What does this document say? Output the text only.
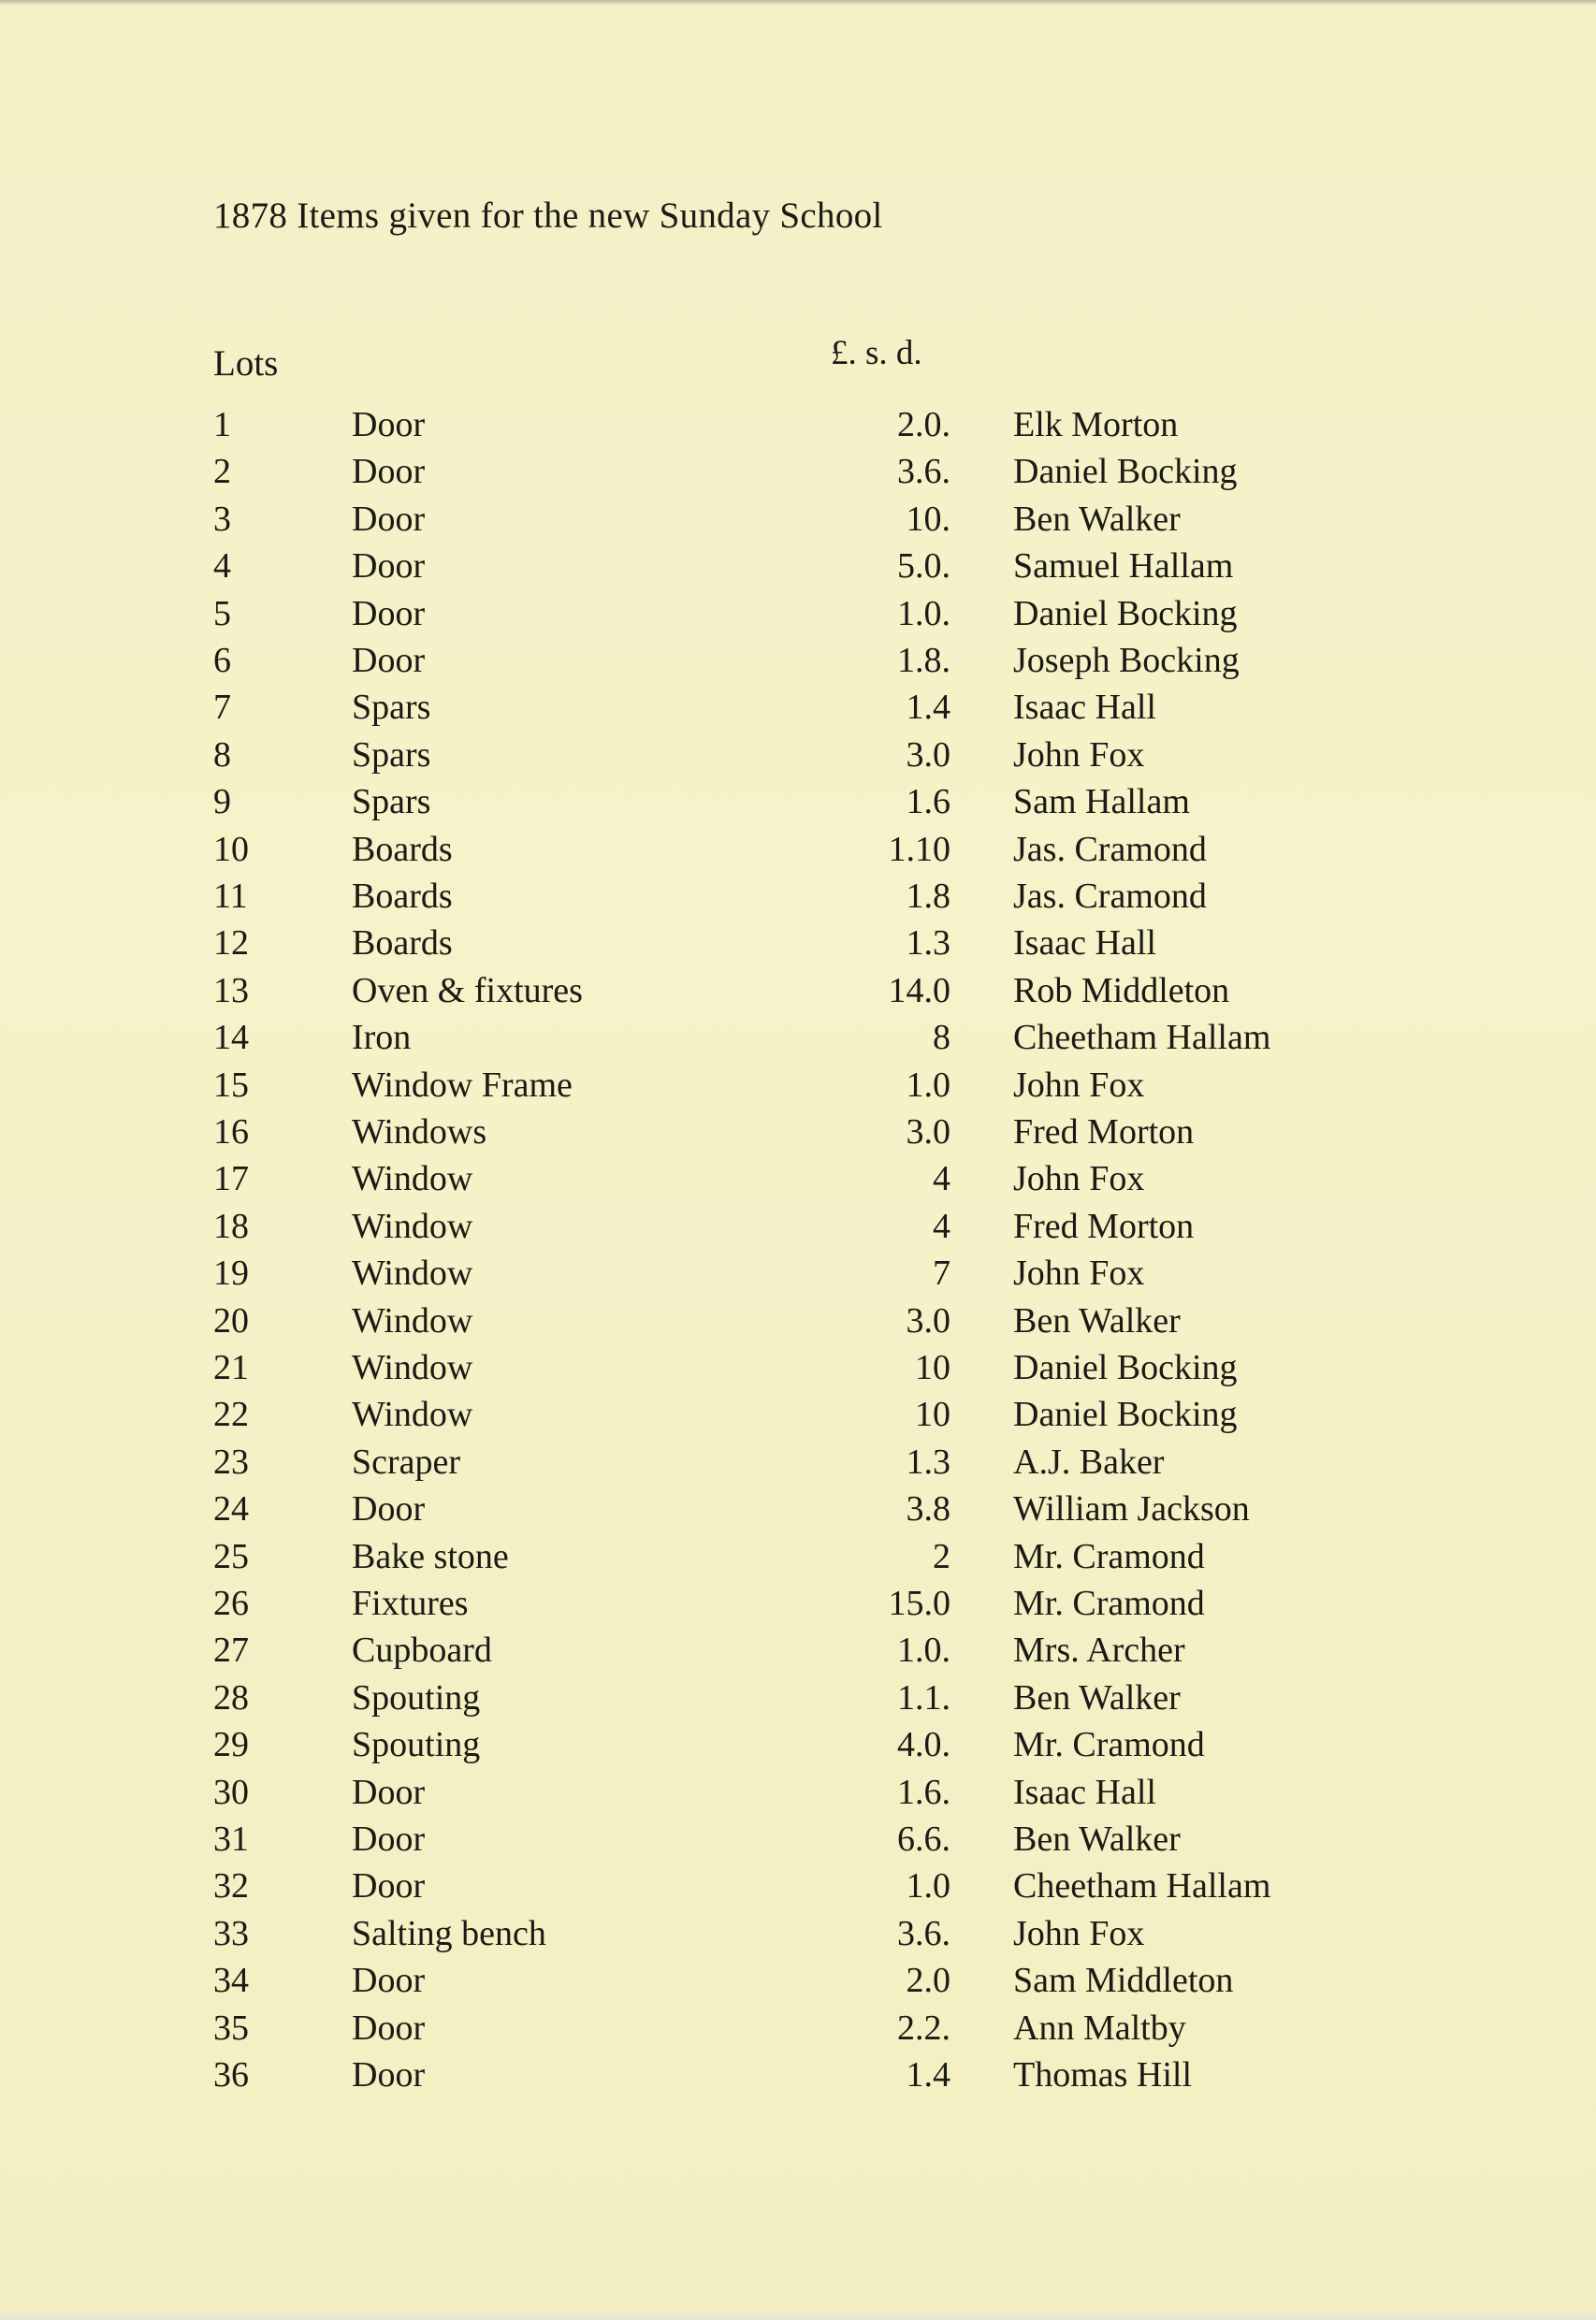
1878 Items given for the new Sunday School
Lots	£. s. d.
1	Door	2.0. Elk Morton
2	Door	3.6. Daniel Bocking
3	Door	10. Ben Walker
4	Door	5.0. Samuel Hallam
5	Door	1.0. Daniel Bocking
6	Door	1.8. Joseph Bocking
7	Spars	1.4 Isaac Hall
8	Spars	3.0 John Fox
9	Spars	1.6 Sam Hallam
10	Boards	1.10 Jas. Cramond
11	Boards	1.8 Jas. Cramond
12	Boards	1.3 Isaac Hall
13	Oven & fixtures	14.0 Rob Middleton
14	Iron	8 Cheetham Hallam
15	Window Frame	1.0 John Fox
16	Windows	3.0 Fred Morton
17	Window	4 John Fox
18	Window	4 Fred Morton
19	Window	7 John Fox
20	Window	3.0 Ben Walker
21	Window	10 Daniel Bocking
22	Window	10 Daniel Bocking
23	Scraper	1.3 A.J. Baker
24	Door	3.8 William Jackson
25	Bake stone	2 Mr. Cramond
26	Fixtures	15.0 Mr. Cramond
27	Cupboard	1.0. Mrs. Archer
28	Spouting	1.1. Ben Walker
29	Spouting	4.0. Mr. Cramond
30	Door	1.6. Isaac Hall
31	Door	6.6. Ben Walker
32	Door	1.0 Cheetham Hallam
33	Salting bench	3.6. John Fox
34	Door	2.0 Sam Middleton
35	Door	2.2. Ann Maltby
36	Door	1.4 Thomas Hill
